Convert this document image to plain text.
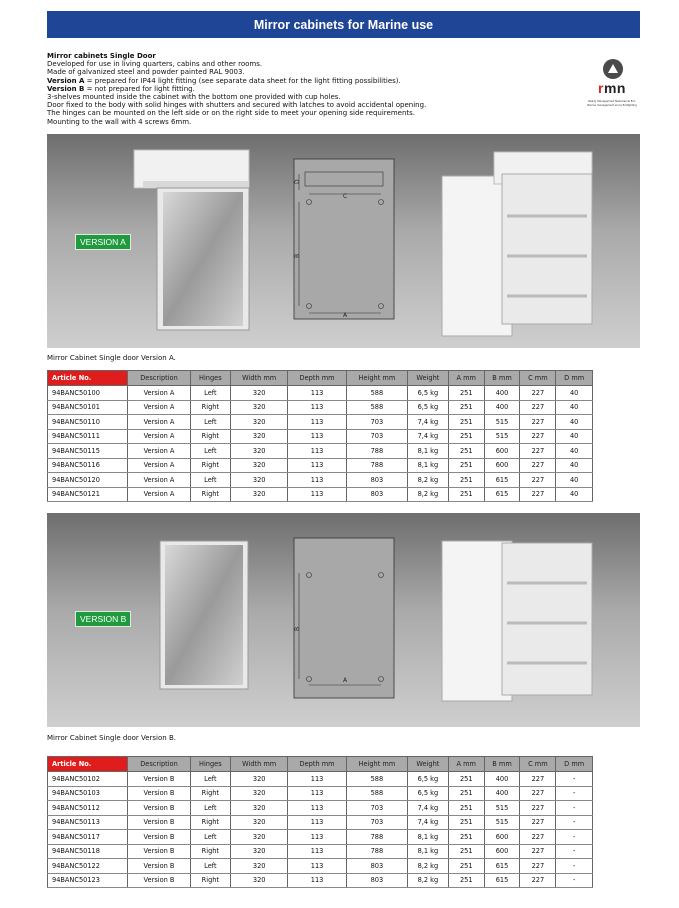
Mirror cabinets for Marine use
Mirror cabinets Single Door
Developed for use in living quarters, cabins and other rooms.
Made of galvanized steel and powder painted RAL 9003.
Version A = prepared for IP44 light fitting (see separate data sheet for the light fitting possibilities).
Version B = not prepared for light fitting.
3-shelves mounted inside the cabinet with the bottom one provided with cup holes.
Door fixed to the body with solid hinges with shutters and secured with latches to avoid accidental opening.
The hinges can be mounted on the left side or on the right side to meet your opening side requirements.
Mounting to the wall with 4 screws 6mm.
rmn
Ready Management Nederlands B.V.
Marine management since firefighting
C
B
A
D
VERSION A
Mirror Cabinet Single door Version A.
Article No.	Description	Hinges	Width mm	Depth mm	Height mm	Weight	A mm	B mm	C mm	D mm
94BANC50100	Version A	Left	320	113	588	6,5 kg	251	400	227	40
94BANC50101	Version A	Right	320	113	588	6,5 kg	251	400	227	40
94BANC50110	Version A	Left	320	113	703	7,4 kg	251	515	227	40
94BANC50111	Version A	Right	320	113	703	7,4 kg	251	515	227	40
94BANC50115	Version A	Left	320	113	788	8,1 kg	251	600	227	40
94BANC50116	Version A	Right	320	113	788	8,1 kg	251	600	227	40
94BANC50120	Version A	Left	320	113	803	8,2 kg	251	615	227	40
94BANC50121	Version A	Right	320	113	803	8,2 kg	251	615	227	40
B
A
VERSION B
Mirror Cabinet Single door Version B.
Article No.	Description	Hinges	Width mm	Depth mm	Height mm	Weight	A mm	B mm	C mm	D mm
94BANC50102	Version B	Left	320	113	588	6,5 kg	251	400	227	-
94BANC50103	Version B	Right	320	113	588	6,5 kg	251	400	227	-
94BANC50112	Version B	Left	320	113	703	7,4 kg	251	515	227	-
94BANC50113	Version B	Right	320	113	703	7,4 kg	251	515	227	-
94BANC50117	Version B	Left	320	113	788	8,1 kg	251	600	227	-
94BANC50118	Version B	Right	320	113	788	8,1 kg	251	600	227	-
94BANC50122	Version B	Left	320	113	803	8,2 kg	251	615	227	-
94BANC50123	Version B	Right	320	113	803	8,2 kg	251	615	227	-
